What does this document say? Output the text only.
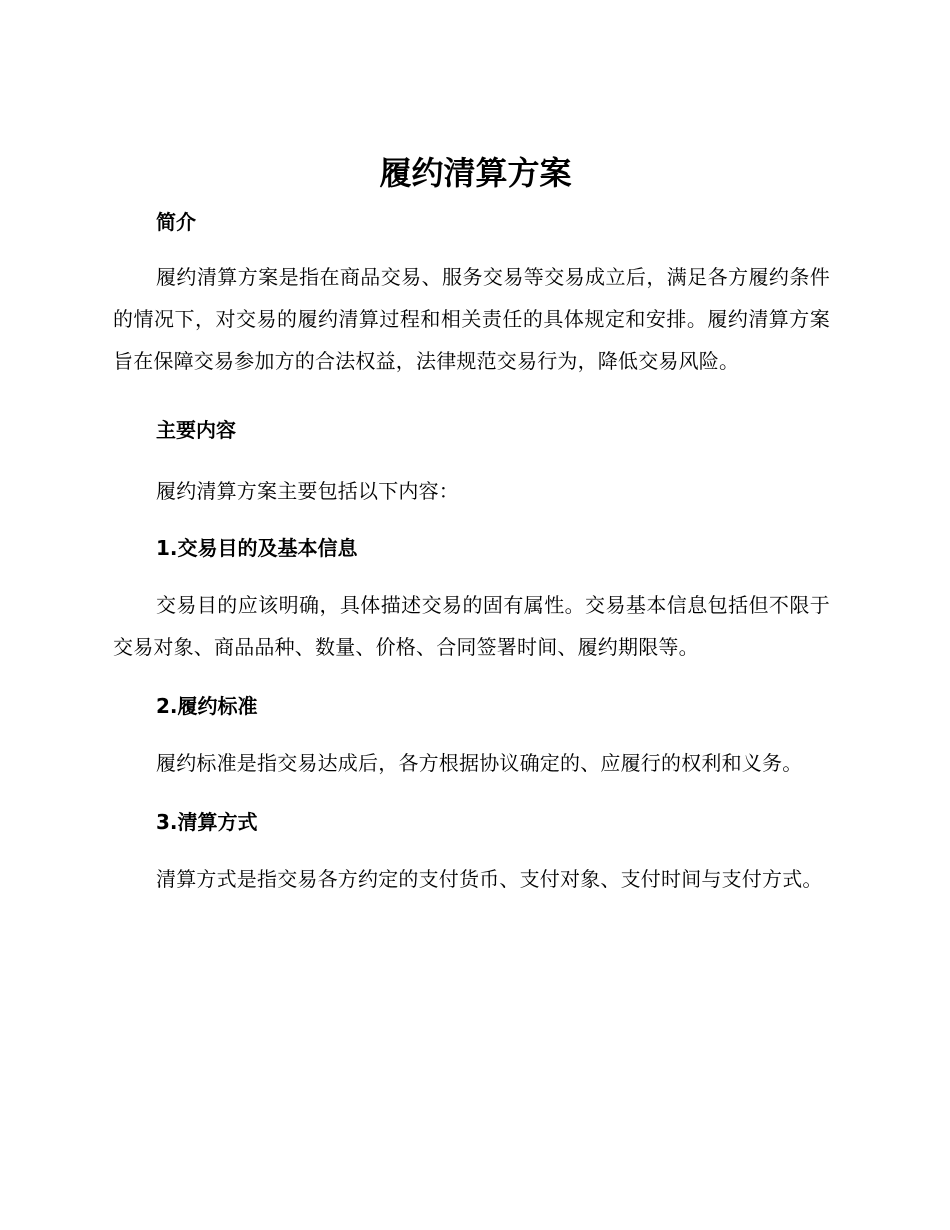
履约清算方案
简介

履约清算方案是指在商品交易、服务交易等交易成立后，满足各方履约条件的情况下，对交易的履约清算过程和相关责任的具体规定和安排。履约清算方案旨在保障交易参加方的合法权益，法律规范交易行为，降低交易风险。

主要内容

履约清算方案主要包括以下内容：

1.交易目的及基本信息

交易目的应该明确，具体描述交易的固有属性。交易基本信息包括但不限于交易对象、商品品种、数量、价格、合同签署时间、履约期限等。

2.履约标准

履约标准是指交易达成后，各方根据协议确定的、应履行的权利和义务。

3.清算方式

清算方式是指交易各方约定的支付货币、支付对象、支付时间与支付方式。
